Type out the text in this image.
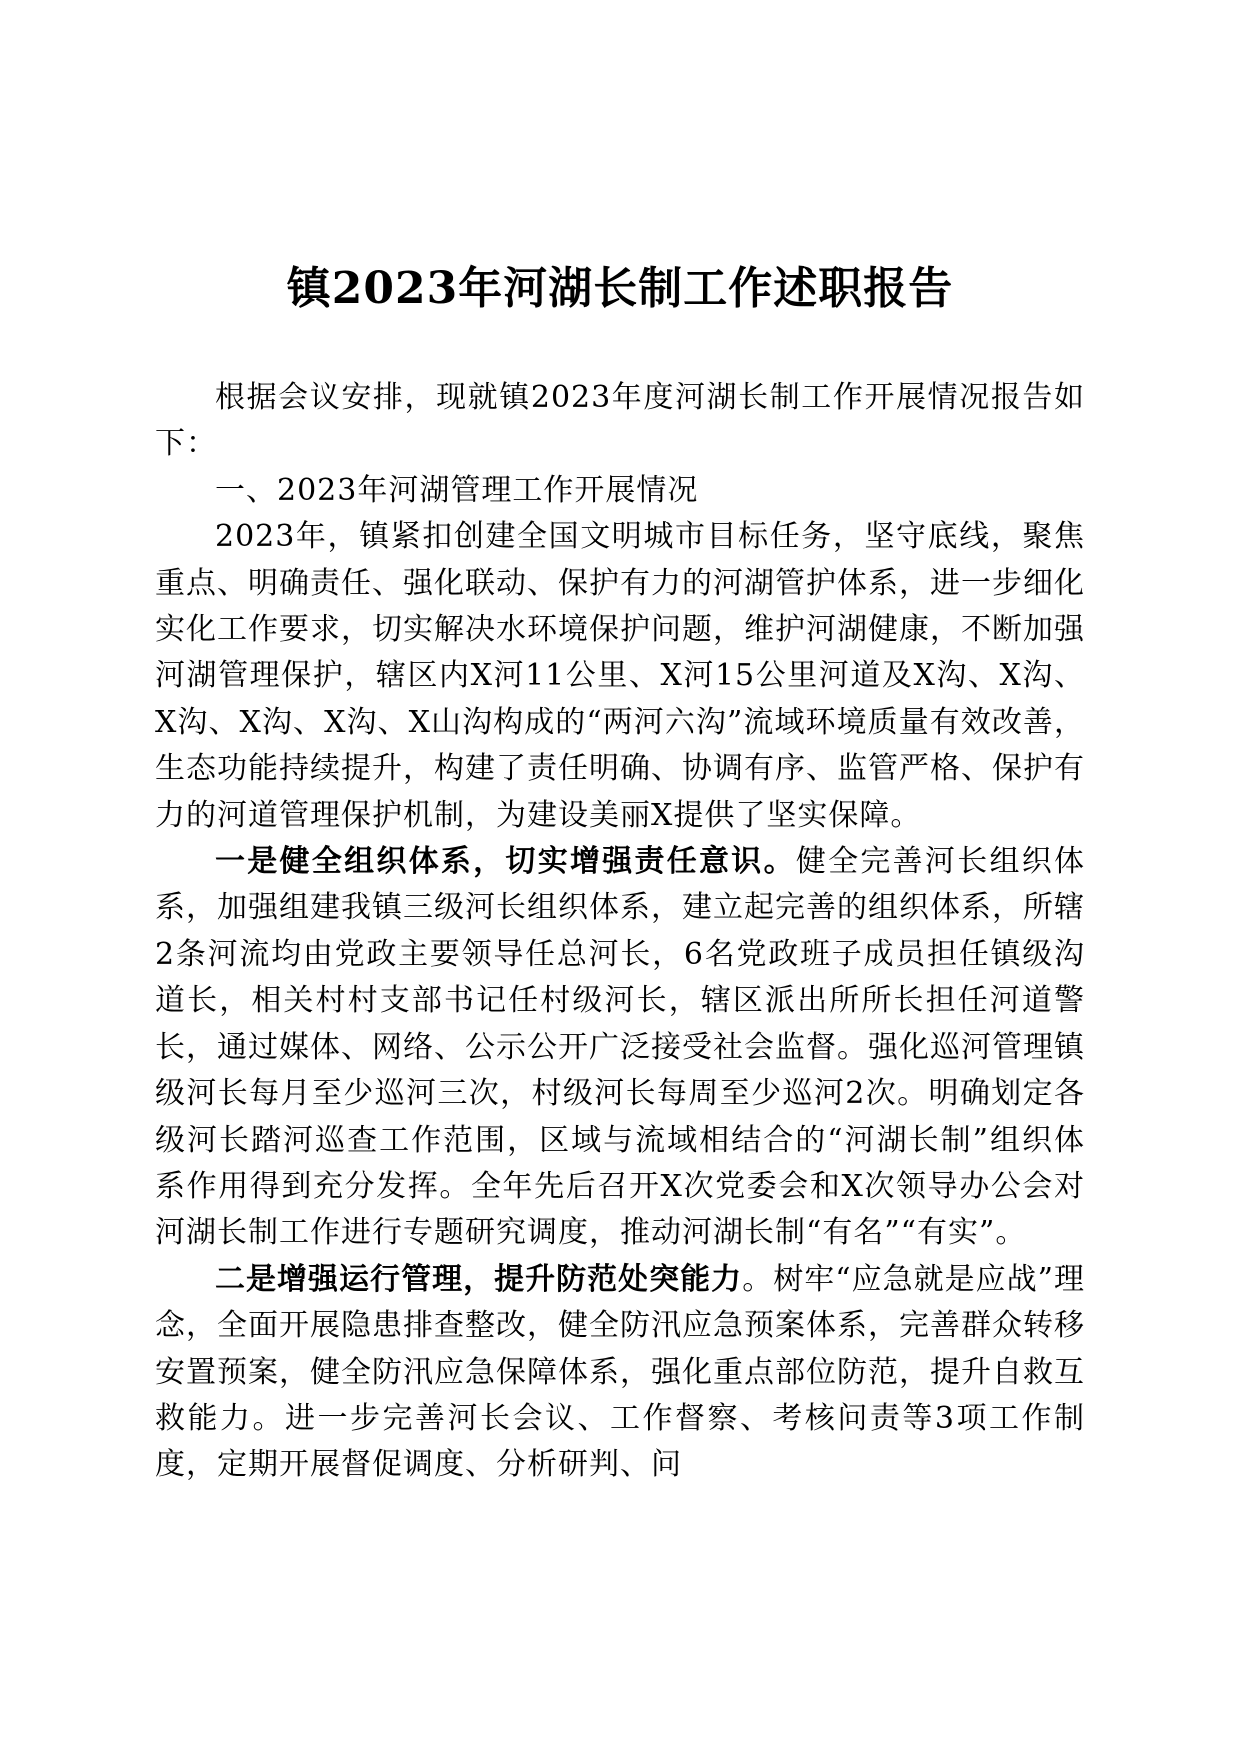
镇2023年河湖长制工作述职报告

根据会议安排，现就镇2023年度河湖长制工作开展情况报告如下：

一、2023年河湖管理工作开展情况

2023年，镇紧扣创建全国文明城市目标任务，坚守底线，聚焦重点、明确责任、强化联动、保护有力的河湖管护体系，进一步细化实化工作要求，切实解决水环境保护问题，维护河湖健康，不断加强河湖管理保护，辖区内X河11公里、X河15公里河道及X沟、X沟、X沟、X沟、X沟、X山沟构成的“两河六沟”流域环境质量有效改善，生态功能持续提升，构建了责任明确、协调有序、监管严格、保护有力的河道管理保护机制，为建设美丽X提供了坚实保障。

一是健全组织体系，切实增强责任意识。健全完善河长组织体系，加强组建我镇三级河长组织体系，建立起完善的组织体系，所辖2条河流均由党政主要领导任总河长，6名党政班子成员担任镇级沟道长，相关村村支部书记任村级河长，辖区派出所所长担任河道警长，通过媒体、网络、公示公开广泛接受社会监督。强化巡河管理镇级河长每月至少巡河三次，村级河长每周至少巡河2次。明确划定各级河长踏河巡查工作范围，区域与流域相结合的“河湖长制”组织体系作用得到充分发挥。全年先后召开X次党委会和X次领导办公会对河湖长制工作进行专题研究调度，推动河湖长制“有名”“有实”。

二是增强运行管理，提升防范处突能力。树牢“应急就是应战”理念，全面开展隐患排查整改，健全防汛应急预案体系，完善群众转移安置预案，健全防汛应急保障体系，强化重点部位防范，提升自救互救能力。进一步完善河长会议、工作督察、考核问责等3项工作制度，定期开展督促调度、分析研判、问
